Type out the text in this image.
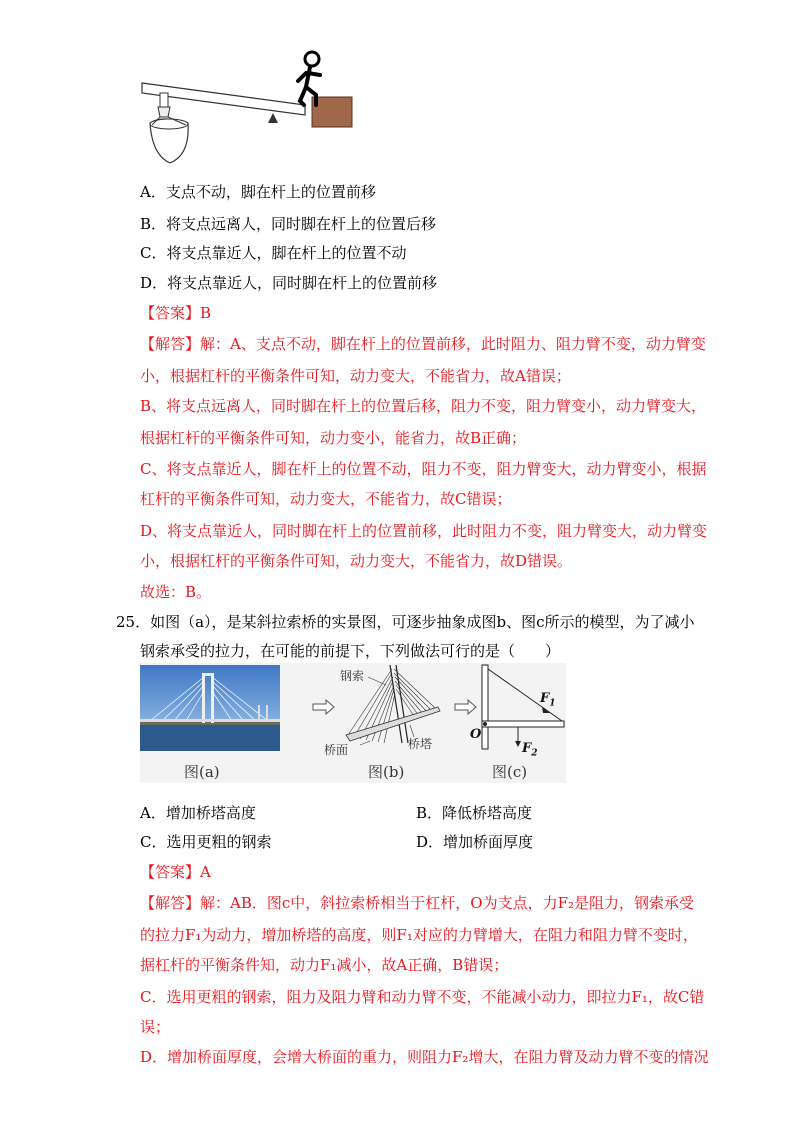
A．支点不动，脚在杆上的位置前移
B．将支点远离人，同时脚在杆上的位置后移
C．将支点靠近人，脚在杆上的位置不动
D．将支点靠近人，同时脚在杆上的位置前移
【答案】B
【解答】解：A、支点不动，脚在杆上的位置前移，此时阻力、阻力臂不变，动力臂变
小，根据杠杆的平衡条件可知，动力变大，不能省力，故A错误；
B、将支点远离人，同时脚在杆上的位置后移，阻力不变，阻力臂变小，动力臂变大，
根据杠杆的平衡条件可知，动力变小，能省力，故B正确；
C、将支点靠近人，脚在杆上的位置不动，阻力不变，阻力臂变大，动力臂变小，根据
杠杆的平衡条件可知，动力变大，不能省力，故C错误；
D、将支点靠近人，同时脚在杆上的位置前移，此时阻力不变，阻力臂变大，动力臂变
小，根据杠杆的平衡条件可知，动力变大，不能省力，故D错误。
故选：B。
25．如图（a），是某斜拉索桥的实景图，可逐步抽象成图b、图c所示的模型，为了减小
钢索承受的拉力，在可能的前提下，下列做法可行的是（　　）
图(a)
钢索
桥塔
桥面
图(b)
O
$F_1$
$F_2$
图(c)
A．增加桥塔高度	B．降低桥塔高度
C．选用更粗的钢索	D．增加桥面厚度
【答案】A
【解答】解：AB．图c中，斜拉索桥相当于杠杆，O为支点，力F₂是阻力，钢索承受
的拉力F₁为动力，增加桥塔的高度，则F₁对应的力臂增大，在阻力和阻力臂不变时，
据杠杆的平衡条件知，动力F₁减小，故A正确，B错误；
C．选用更粗的钢索，阻力及阻力臂和动力臂不变，不能减小动力，即拉力F₁，故C错
误；
D．增加桥面厚度，会增大桥面的重力，则阻力F₂增大，在阻力臂及动力臂不变的情况
